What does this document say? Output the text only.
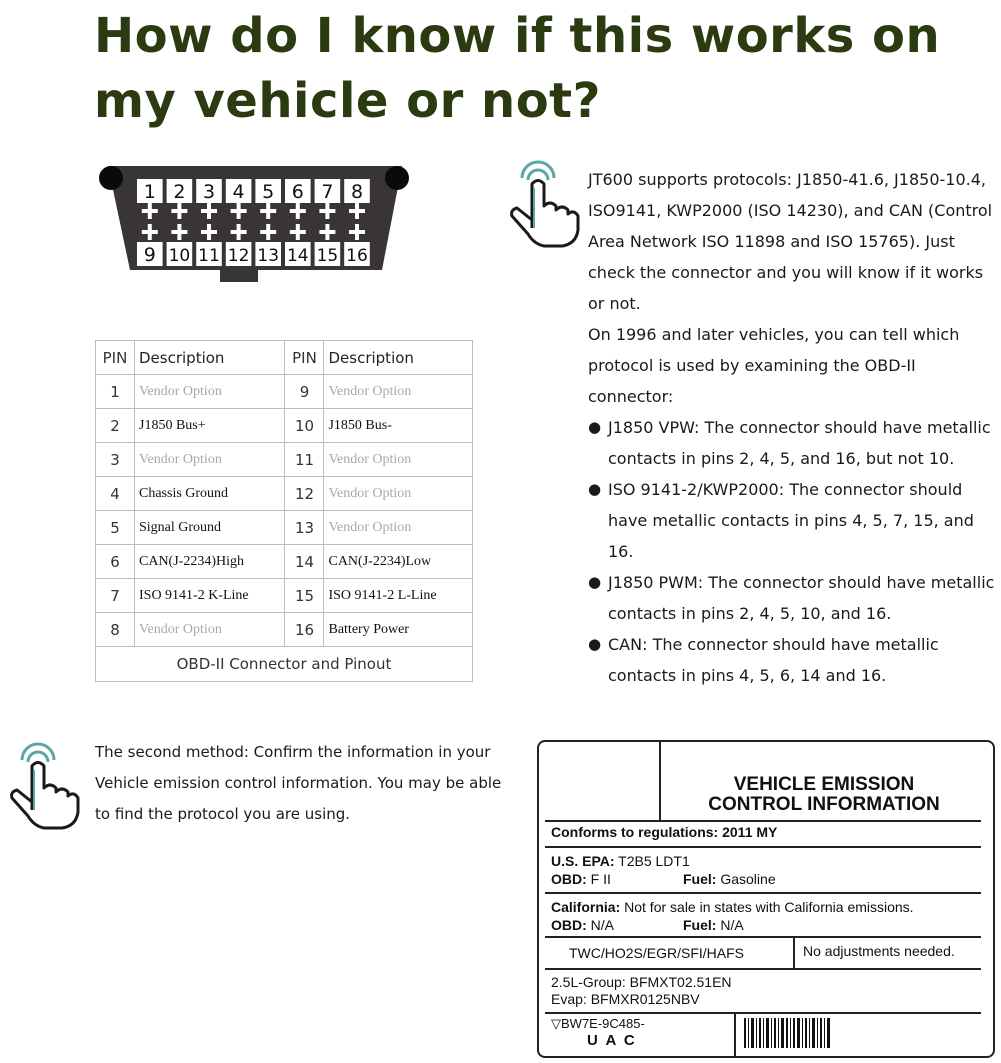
How do I know if this works on my vehicle or not?
1 2 3 4 5 6 7 8
9 10 11 12 13 14 15 16
PIN	Description	PIN	Description
1	Vendor Option	9	Vendor Option
2	J1850 Bus+	10	J1850 Bus-
3	Vendor Option	11	Vendor Option
4	Chassis Ground	12	Vendor Option
5	Signal Ground	13	Vendor Option
6	CAN(J-2234)High	14	CAN(J-2234)Low
7	ISO 9141-2 K-Line	15	ISO 9141-2 L-Line
8	Vendor Option	16	Battery Power
OBD-II Connector and Pinout			

JT600 supports protocols: J1850-41.6, J1850-10.4, ISO9141, KWP2000 (ISO 14230), and CAN (Control Area Network ISO 11898 and ISO 15765). Just check the connector and you will know if it works or not.

On 1996 and later vehicles, you can tell which protocol is used by examining the OBD-II connector:

● J1850 VPW: The connector should have metallic contacts in pins 2, 4, 5, and 16, but not 10.
● ISO 9141-2/KWP2000: The connector should have metallic contacts in pins 4, 5, 7, 15, and 16.
● J1850 PWM: The connector should have metallic contacts in pins 2, 4, 5, 10, and 16.
● CAN: The connector should have metallic contacts in pins 4, 5, 6, 14 and 16.
The second method: Confirm the information in your Vehicle emission control information. You may be able to find the protocol you are using.
VEHICLE EMISSION
CONTROL INFORMATION
Conforms to regulations: 2011 MY
U.S. EPA: T2B5 LDT1
OBD: F II	Fuel: Gasoline
California: Not for sale in states with California emissions.
OBD: N/A	Fuel: N/A
TWC/HO2S/EGR/SFI/HAFS	No adjustments needed.
2.5L-Group: BFMXT02.51EN
Evap: BFMXR0125NBV
▽BW7E-9C485-
U A C
